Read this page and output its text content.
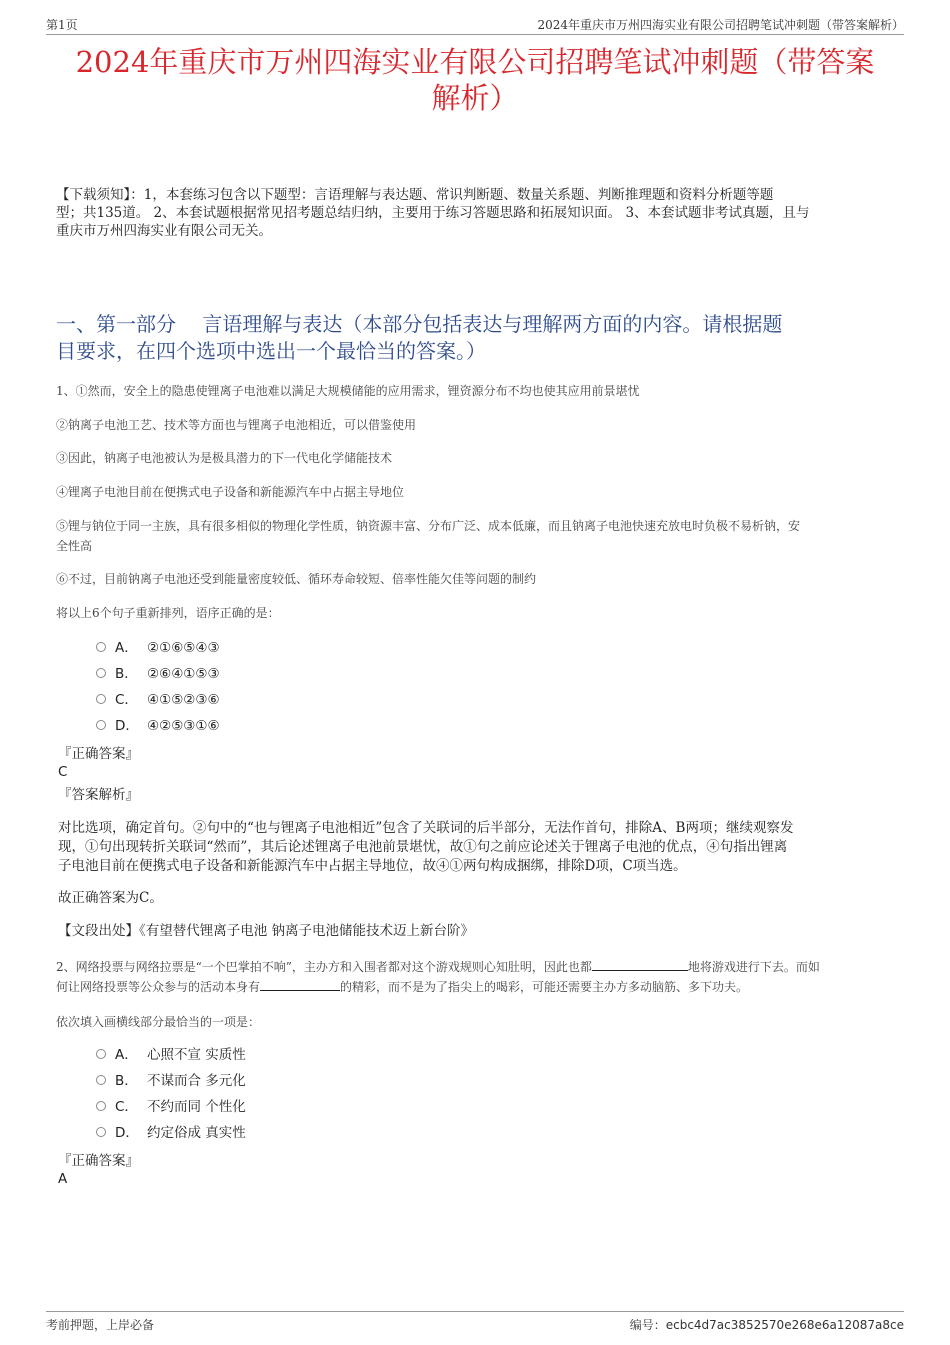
第1页	2024年重庆市万州四海实业有限公司招聘笔试冲刺题（带答案解析）
2024年重庆市万州四海实业有限公司招聘笔试冲刺题（带答案
解析）
【下载须知】：1，本套练习包含以下题型：言语理解与表达题、常识判断题、数量关系题、判断推理题和资料分析题等题
型；共135道。 2、本套试题根据常见招考题总结归纳，主要用于练习答题思路和拓展知识面。 3、本套试题非考试真题，且与
重庆市万州四海实业有限公司无关。
一、第一部分　 言语理解与表达（本部分包括表达与理解两方面的内容。请根据题
目要求，在四个选项中选出一个最恰当的答案。）
1、①然而，安全上的隐患使锂离子电池难以满足大规模储能的应用需求，锂资源分布不均也使其应用前景堪忧
②钠离子电池工艺、技术等方面也与锂离子电池相近，可以借鉴使用
③因此，钠离子电池被认为是极具潜力的下一代电化学储能技术
④锂离子电池目前在便携式电子设备和新能源汽车中占据主导地位
⑤锂与钠位于同一主族，具有很多相似的物理化学性质，钠资源丰富、分布广泛、成本低廉，而且钠离子电池快速充放电时负极不易析钠，安
全性高
⑥不过，目前钠离子电池还受到能量密度较低、循环寿命较短、倍率性能欠佳等问题的制约
将以上6个句子重新排列，语序正确的是：
A． ②①⑥⑤④③
B． ②⑥④①⑤③
C． ④①⑤②③⑥
D． ④②⑤③①⑥
『正确答案』
C
『答案解析』
对比选项，确定首句。②句中的“也与锂离子电池相近”包含了关联词的后半部分，无法作首句，排除A、B两项；继续观察发
现，①句出现转折关联词“然而”，其后论述锂离子电池前景堪忧，故①句之前应论述关于锂离子电池的优点，④句指出锂离
子电池目前在便携式电子设备和新能源汽车中占据主导地位，故④①两句构成捆绑，排除D项，C项当选。
故正确答案为C。
【文段出处】《有望替代锂离子电池 钠离子电池储能技术迈上新台阶》
2、网络投票与网络拉票是“一个巴掌拍不响”，主办方和入围者都对这个游戏规则心知肚明，因此也都	地将游戏进行下去。而如
何让网络投票等公众参与的活动本身有	的精彩，而不是为了指尖上的喝彩，可能还需要主办方多动脑筋、多下功夫。
依次填入画横线部分最恰当的一项是：
A． 心照不宣 实质性
B． 不谋而合 多元化
C． 不约而同 个性化
D． 约定俗成 真实性
『正确答案』
A
考前押题，上岸必备	编号：ecbc4d7ac3852570e268e6a12087a8ce
